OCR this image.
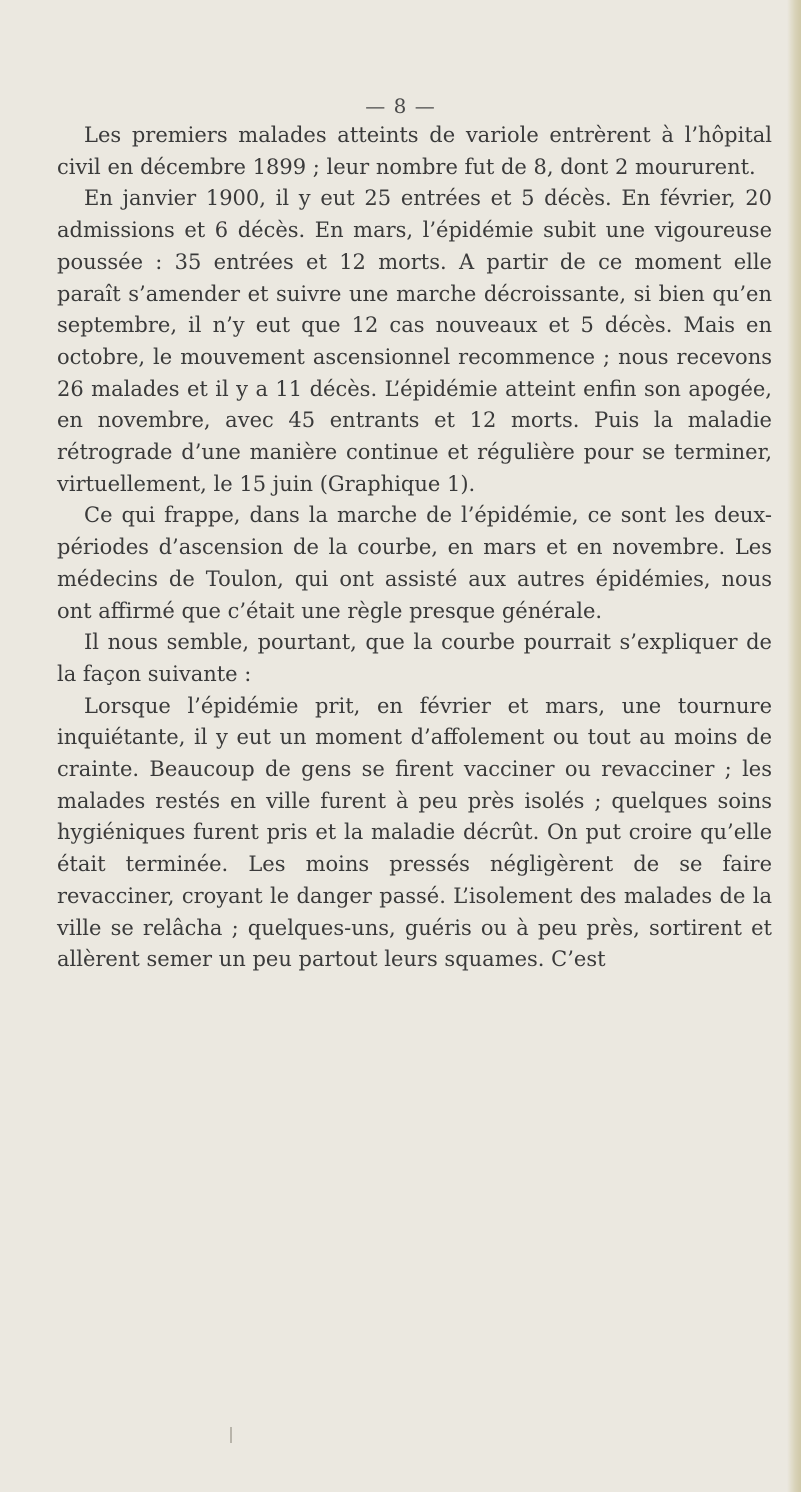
— 8 —

Les premiers malades atteints de variole entrèrent à l’hôpital civil en décembre 1899 ; leur nombre fut de 8, dont 2 moururent.

En janvier 1900, il y eut 25 entrées et 5 décès. En février, 20 admissions et 6 décès. En mars, l’épidémie subit une vigoureuse poussée : 35 entrées et 12 morts. A partir de ce moment elle paraît s’amender et suivre une marche décroissante, si bien qu’en septembre, il n’y eut que 12 cas nouveaux et 5 décès. Mais en octobre, le mouvement ascensionnel recommence ; nous recevons 26 malades et il y a 11 décès. L’épidémie atteint enfin son apogée, en novembre, avec 45 entrants et 12 morts. Puis la maladie rétrograde d’une manière continue et régulière pour se terminer, virtuellement, le 15 juin (Graphique 1).

Ce qui frappe, dans la marche de l’épidémie, ce sont les deux-périodes d’ascension de la courbe, en mars et en novembre. Les médecins de Toulon, qui ont assisté aux autres épidémies, nous ont affirmé que c’était une règle presque générale.

Il nous semble, pourtant, que la courbe pourrait s’expliquer de la façon suivante :

Lorsque l’épidémie prit, en février et mars, une tournure inquiétante, il y eut un moment d’affolement ou tout au moins de crainte. Beaucoup de gens se firent vacciner ou revacciner ; les malades restés en ville furent à peu près isolés ; quelques soins hygiéniques furent pris et la maladie décrût. On put croire qu’elle était terminée. Les moins pressés négligèrent de se faire revacciner, croyant le danger passé. L’isolement des malades de la ville se relâcha ; quelques-uns, guéris ou à peu près, sortirent et allèrent semer un peu partout leurs squames. C’est
